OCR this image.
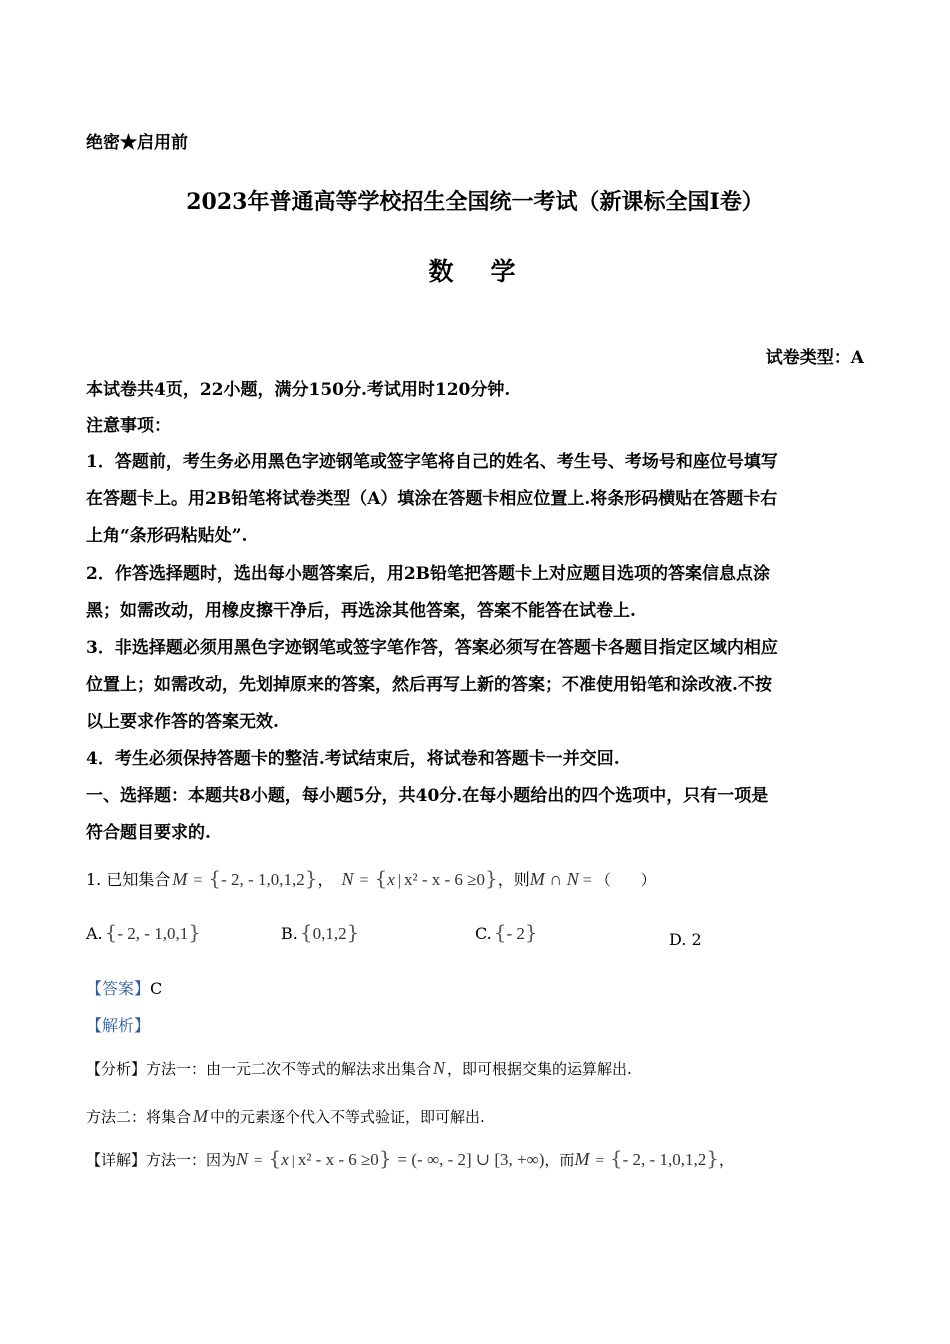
绝密★启用前
2023年普通高等学校招生全国统一考试（新课标全国Ⅰ卷）
数　学
试卷类型：A
本试卷共4页，22小题，满分150分.考试用时120分钟.
注意事项：
1．答题前，考生务必用黑色字迹钢笔或签字笔将自己的姓名、考生号、考场号和座位号填写
在答题卡上。用2B铅笔将试卷类型（A）填涂在答题卡相应位置上.将条形码横贴在答题卡右
上角“条形码粘贴处”.
2．作答选择题时，选出每小题答案后，用2B铅笔把答题卡上对应题目选项的答案信息点涂
黑；如需改动，用橡皮擦干净后，再选涂其他答案，答案不能答在试卷上.
3．非选择题必须用黑色字迹钢笔或签字笔作答，答案必须写在答题卡各题目指定区域内相应
位置上；如需改动，先划掉原来的答案，然后再写上新的答案；不准使用铅笔和涂改液.不按
以上要求作答的答案无效.
4．考生必须保持答题卡的整洁.考试结束后，将试卷和答题卡一并交回.
一、选择题：本题共8小题，每小题5分，共40分.在每小题给出的四个选项中，只有一项是
符合题目要求的.
1. 已知集合 M = {- 2, - 1,0,1,2}， N = {x | x² - x - 6 ≥0}，则M ∩ N = （　　）
A. {- 2, - 1,0,1}	B. {0,1,2}	C. {- 2}	D. 2
【答案】C
【解析】
【分析】方法一：由一元二次不等式的解法求出集合 N ，即可根据交集的运算解出.
方法二：将集合 M 中的元素逐个代入不等式验证，即可解出.
【详解】方法一：因为N = {x | x² - x - 6 ≥0} = (- ∞, - 2] ∪ [3, +∞)，而M = {- 2, - 1,0,1,2}，
